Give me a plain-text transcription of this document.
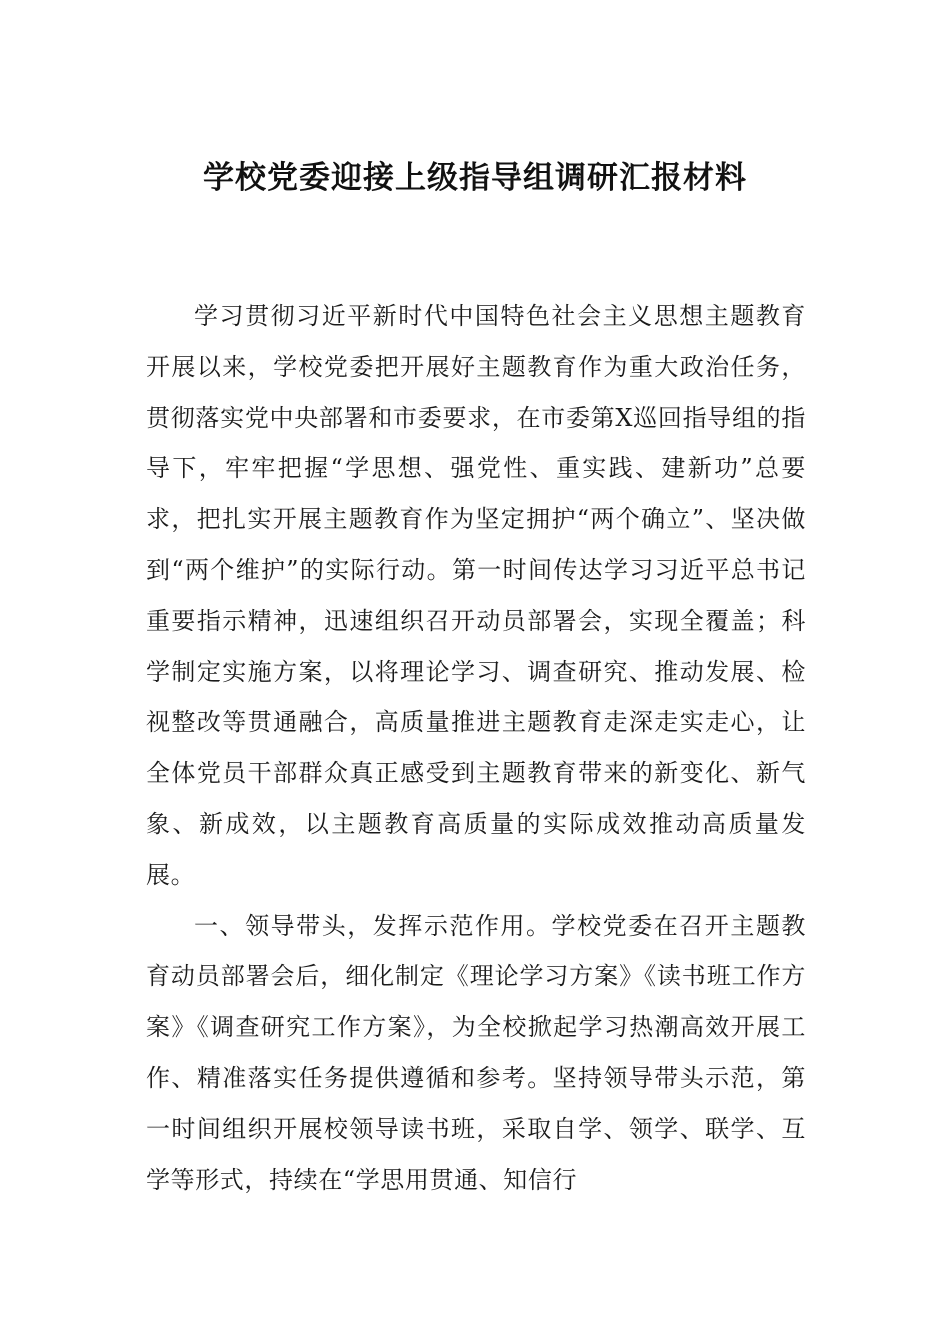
学校党委迎接上级指导组调研汇报材料

学习贯彻习近平新时代中国特色社会主义思想主题教育开展以来，学校党委把开展好主题教育作为重大政治任务，贯彻落实党中央部署和市委要求，在市委第X巡回指导组的指导下，牢牢把握“学思想、强党性、重实践、建新功”总要求，把扎实开展主题教育作为坚定拥护“两个确立”、坚决做到“两个维护”的实际行动。第一时间传达学习习近平总书记重要指示精神，迅速组织召开动员部署会，实现全覆盖；科学制定实施方案，以将理论学习、调查研究、推动发展、检视整改等贯通融合，高质量推进主题教育走深走实走心，让全体党员干部群众真正感受到主题教育带来的新变化、新气象、新成效，以主题教育高质量的实际成效推动高质量发展。

一、领导带头，发挥示范作用。学校党委在召开主题教育动员部署会后，细化制定《理论学习方案》《读书班工作方案》《调查研究工作方案》，为全校掀起学习热潮高效开展工作、精准落实任务提供遵循和参考。坚持领导带头示范，第一时间组织开展校领导读书班，采取自学、领学、联学、互学等形式，持续在“学思用贯通、知信行
